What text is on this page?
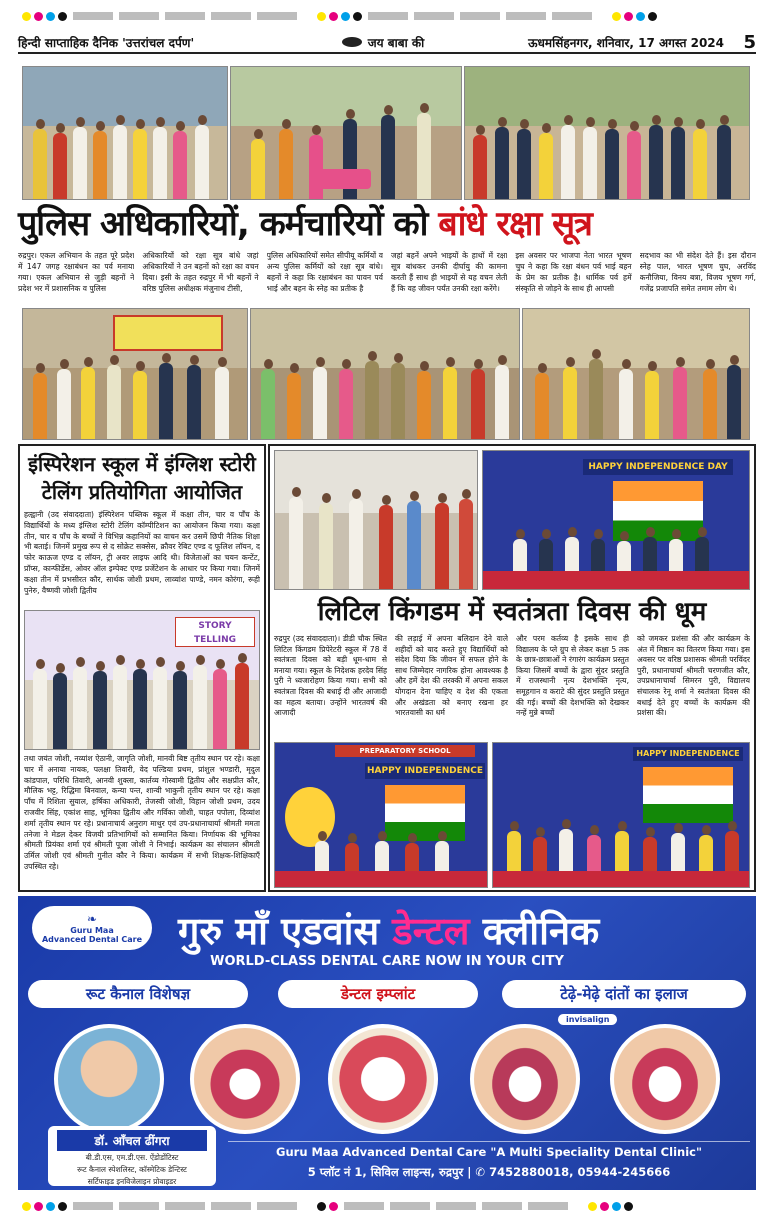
हिन्दी साप्ताहिक दैनिक 'उत्तरांचल दर्पण'	जय बाबा की	ऊधमसिंहनगर, शनिवार, 17 अगस्त 2024	5
पुलिस अधिकारियों, कर्मचारियों को बांधे रक्षा सूत्र
रुद्रपुर। एकल अभियान के तहत पूरे प्रदेश में 147 जगह रक्षाबंधन का पर्व मनाया गया। एकल अभियान से जुड़ी बहनों ने प्रदेश भर में प्रशासनिक व पुलिस
अधिकारियों को रक्षा सूत्र बांधे जहां अधिकारियों ने उन बहनों को रक्षा का वचन दिया। इसी के तहत रुद्रपुर में भी बहनों ने वरिष्ठ पुलिस अधीक्षक मंजुनाथ टीसी,
पुलिस अधिकारियों समेत सीपीयू कर्मियों व अन्य पुलिस कर्मियों को रक्षा सूत्र बांधे। बहनों ने कहा कि रक्षाबंधन का पावन पर्व भाई और बहन के स्नेह का प्रतीक है
जहां बहनें अपने भाइयों के हाथों में रक्षा सूत्र बांधकर उनकी दीर्घायु की कामना करती हैं साथ ही भाइयों से यह वचन लेती हैं कि वह जीवन पर्यंत उनकी रक्षा करेंगे।
इस अवसर पर भाजपा नेता भारत भूषण चुघ ने कहा कि रक्षा बंधन पर्व भाई बहन के प्रेम का प्रतीक है। धार्मिक पर्व हमें संस्कृति से जोड़ने के साथ ही आपसी
सदभाव का भी संदेश देते हैं। इस दौरान स्नेह पाल, भारत भूषण चुघ, अरविंद कनौजिया, विनय बत्रा, विजय भूषण गर्ग, गजेंद्र प्रजापति समेत तमाम लोग थे।
इंस्पिरेशन स्कूल में इंग्लिश स्टोरी
टेलिंग प्रतियोगिता आयोजित
हल्द्वानी (उद संवाददाता) इंस्पिरेशन पब्लिक स्कूल में कक्षा तीन, चार व पाँच के विद्यार्थियों के मध्य इंग्लिश स्टोरी टेलिंग कॉम्पीटिशन का आयोजन किया गया। कक्षा तीन, चार व पाँच के बच्चों ने विभिन्न कहानियों का वाचन कर उसमें छिपी नैतिक शिक्षा भी बताई। जिनमें प्रमुख रूप से द सोक्रेट सक्सेस, क्रौवर रेबिट एण्ड द फूलिश लॉयन, द फोर काऊज एण्ड द लॉयन, ट्री अवर लाइफ आदि थी। विजेताओं का चयन कन्टेंट, प्रॉप्स, कान्फीडेंस, ओवर ऑल इम्पेक्ट एण्ड प्रजेंटेशन के आधार पर किया गया। जिनमें कक्षा तीन में प्रभसीरत कौर, सार्थक जोशी प्रथम, लाव्यांश पाण्डे, नमन कोरंगा, रूही पुनेरु, वैष्णवी जोशी द्वितीय
STORY TELLING
तथा जयंत जोशी, नव्यांश ऐठानी, जागृति जोशी, मानवी बिष्ट तृतीय स्थान पर रहे। कक्षा चार में अनाया नायक, पलक्षा तिवारी, वेद पल्डिया प्रथम, प्रांशुल भण्डारी, मृदुल कांडपाल, परिधि तिवारी, आनवी शुक्ला, कार्तव्य गोस्वामी द्वितीय और सक्षप्रीत कौर, मौलिक भट्ट, रिद्धिमा बिनवाल, कन्या पन्त, शान्वी भाकुनी तृतीय स्थान पर रहे। कक्षा पाँच में रिशिता सुयाल, हर्षिका अधिकारी, तेजस्वी जोशी, विहान जोशी प्रथम, उदय राजवीर सिंह, एकांश साह, भूमिका द्वितीय और गर्विका जोशी, चाहत पपोला, दिव्यांश शर्मा तृतीय स्थान पर रहे। प्रधानाचार्य अनुराग माथुर एवं उप-प्रधानाचार्या श्रीमती ममता तनेजा ने मेडल देकर विजयी प्रतिभागियों को सम्मानित किया। निर्णायक की भूमिका श्रीमती प्रियंका शर्मा एवं श्रीमती पूजा जोशी ने निभाई। कार्यक्रम का संचालन श्रीमती उर्मिल जोशी एवं श्रीमती गुनीत कौर ने किया। कार्यक्रम में सभी शिक्षक-शिक्षिकाएँ उपस्थित रहे।
HAPPY INDEPENDENCE DAY
लिटिल किंगडम में स्वतंत्रता दिवस की धूम
रुद्रपुर (उद संवाददाता)। डीडी चौक स्थित लिटिल किंगडम प्रिपेरेटरी स्कूल में 78 वें स्वतंत्रता दिवस को बड़ी धूम-धाम से मनाया गया। स्कूल के निदेशक हरदेव सिंह पुरी ने ध्वजारोहण किया गया। सभी को स्वतंत्रता दिवस की बधाई दी और आजादी का महत्व बताया। उन्होंने भारतवर्ष की आजादी
की लड़ाई में अपना बलिदान देने वाले शहीदों को याद करते हुए विद्यार्थियों को संदेश दिया कि जीवन में सफल होने के साथ जिम्मेदार नागरिक होना आवश्यक है और हमें देश की तरक्की में अपना सकल योगदान देना चाहिए व देश की एकता और अखंडता को बनाए रखना हर भारतवासी का धर्म
और परम कर्तव्य है इसके साथ ही विद्यालय के प्ले ग्रुप से लेकर कक्षा 5 तक के छात्र-छात्राओं ने रंगारंग कार्यक्रम प्रस्तुत किया जिसमें बच्चों के द्वारा सुंदर प्रस्तुति में राजस्थानी नृत्य देशभक्ति नृत्य, समूहगान व कराटे की सुंदर प्रस्तुति प्रस्तुत की गई। बच्चों की देशभक्ति को देखकर नन्हें मुन्ने बच्चों
को जमकर प्रशंसा की और कार्यक्रम के अंत में मिष्ठान का वितरण किया गया। इस अवसर पर वरिष्ठ प्रशासक श्रीमती परविंदर पुरी, प्रधानाचार्या श्रीमती चरणजीत कौर, उपप्रधानाचार्या सिमरन पुरी, विद्यालय संचालक रेनू शर्मा ने स्वतंत्रता दिवस की बधाई देते हुए बच्चों के कार्यक्रम की प्रशंसा की।
PREPARATORY SCHOOL
HAPPY INDEPENDENCE
HAPPY INDEPENDENCE
❧
Guru Maa
Advanced Dental Care गुरु माँ एडवांस डेन्टल क्लीनिक
WORLD-CLASS DENTAL CARE NOW IN YOUR CITY
रूट कैनाल विशेषज्ञ	डेन्टल इम्प्लांट	टेढ़े-मेढ़े दांतों का इलाज
invisalign
डॉ. आँचल ढींगरा
बी.डी.एस, एम.डी.एस. ऐंडोडोंटिस्ट
रूट कैनाल स्पेशलिस्ट, कॉस्मेटिक डेन्टिस्ट
सर्टिफाइड इनविजेलाइन प्रोवाइडर
Guru Maa Advanced Dental Care "A Multi Speciality Dental Clinic"
5 प्लॉट नं 1, सिविल लाइन्स, रुद्रपुर | ✆ 7452880018, 05944-245666
